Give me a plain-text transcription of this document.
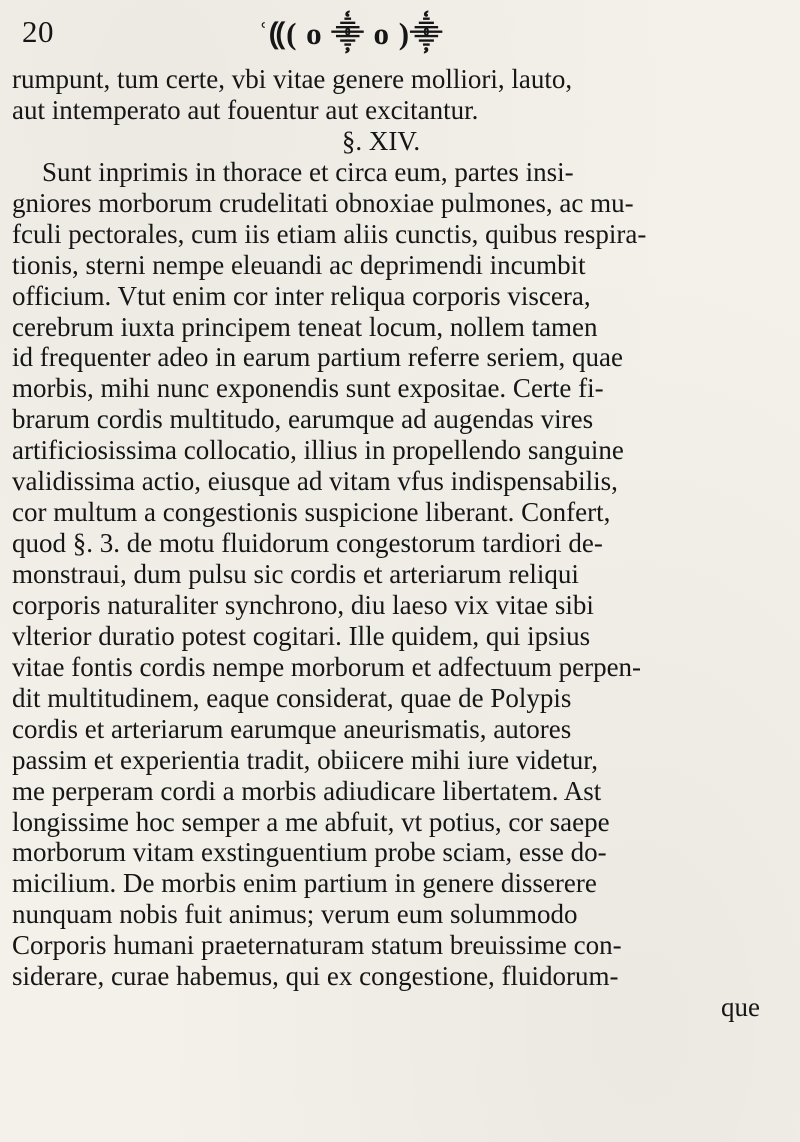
20	ʿ⸨( o ⸎ o )⸎
rumpunt, tum certe, vbi vitae genere molliori, lauto,
aut intemperato aut fouentur aut excitantur.
§. XIV.
Sunt inprimis in thorace et circa eum, partes insi-
gniores morborum crudelitati obnoxiae pulmones, ac mu-
fculi pectorales, cum iis etiam aliis cunctis, quibus respira-
tionis, sterni nempe eleuandi ac deprimendi incumbit
officium. Vtut enim cor inter reliqua corporis viscera,
cerebrum iuxta principem teneat locum, nollem tamen
id frequenter adeo in earum partium referre seriem, quae
morbis, mihi nunc exponendis sunt expositae. Certe fi-
brarum cordis multitudo, earumque ad augendas vires
artificiosissima collocatio, illius in propellendo sanguine
validissima actio, eiusque ad vitam vfus indispensabilis,
cor multum a congestionis suspicione liberant. Confert,
quod §. 3. de motu fluidorum congestorum tardiori de-
monstraui, dum pulsu sic cordis et arteriarum reliqui
corporis naturaliter synchrono, diu laeso vix vitae sibi
vlterior duratio potest cogitari. Ille quidem, qui ipsius
vitae fontis cordis nempe morborum et adfectuum perpen-
dit multitudinem, eaque considerat, quae de Polypis
cordis et arteriarum earumque aneurismatis, autores
passim et experientia tradit, obiicere mihi iure videtur,
me perperam cordi a morbis adiudicare libertatem. Ast
longissime hoc semper a me abfuit, vt potius, cor saepe
morborum vitam exstinguentium probe sciam, esse do-
micilium. De morbis enim partium in genere disserere
nunquam nobis fuit animus; verum eum solummodo
Corporis humani praeternaturam statum breuissime con-
siderare, curae habemus, qui ex congestione, fluidorum-
que
